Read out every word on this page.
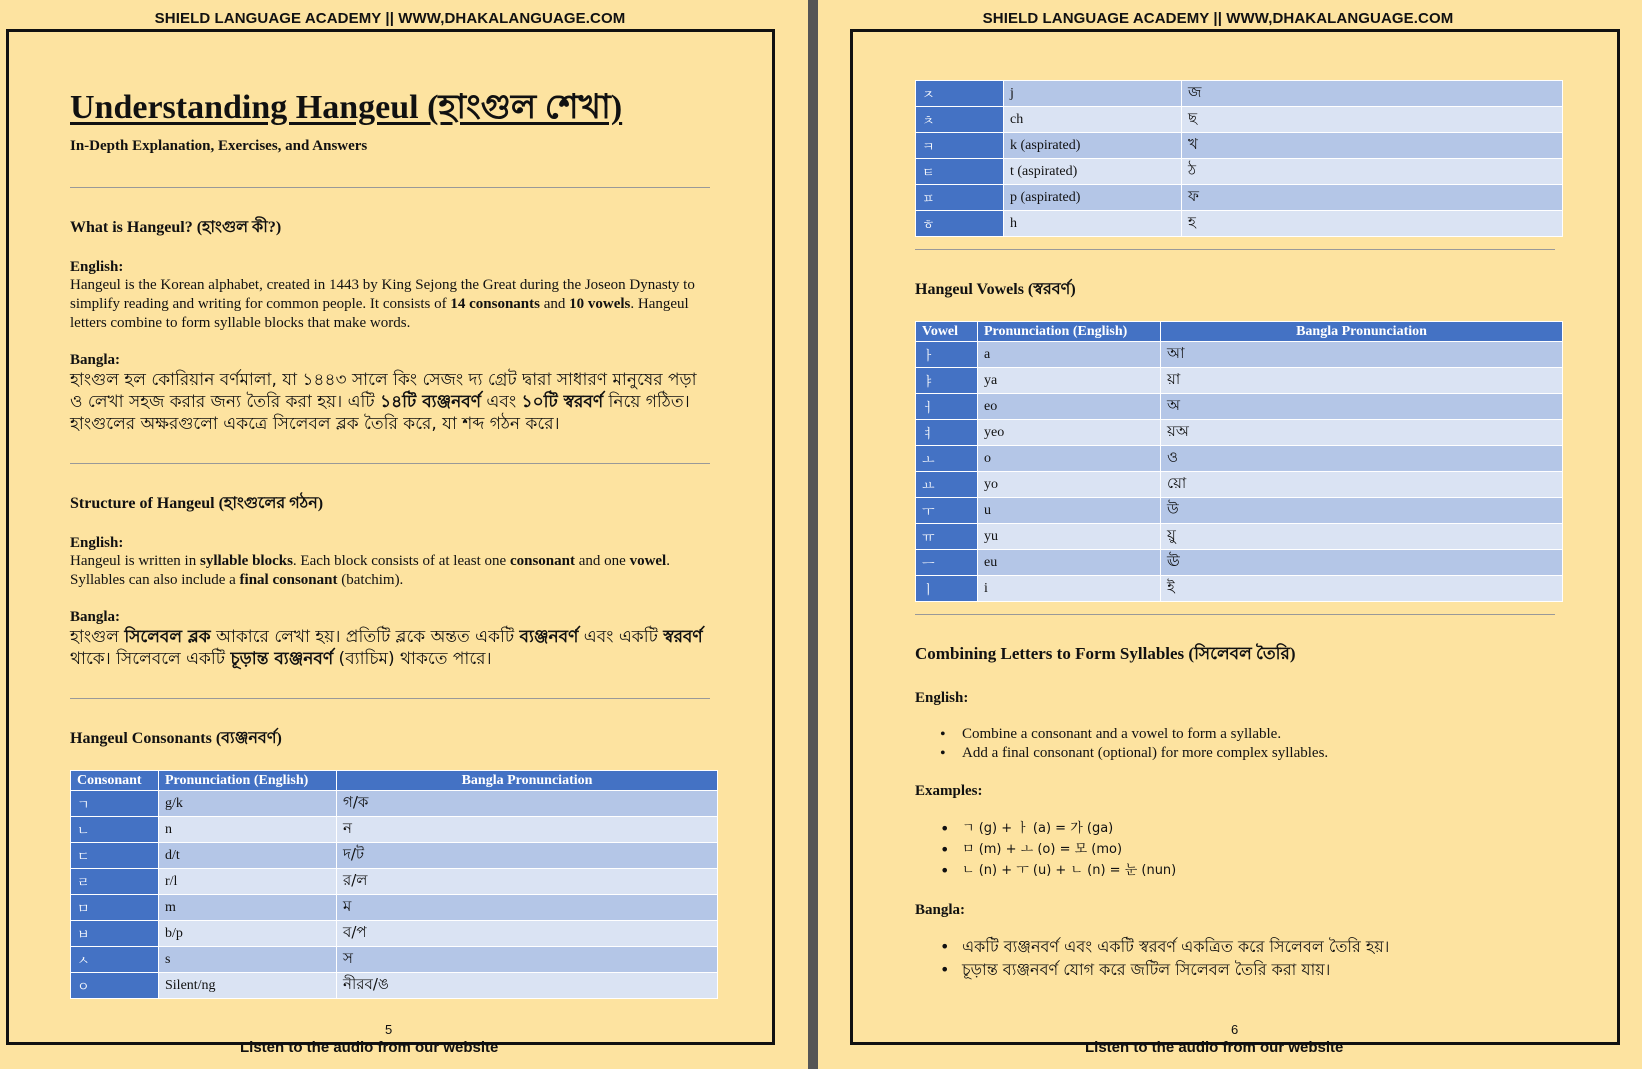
SHIELD LANGUAGE ACADEMY || WWW,DHAKALANGUAGE.COM
Understanding Hangeul (হাংগুল শেখা)
In-Depth Explanation, Exercises, and Answers
What is Hangeul? (হাংগুল কী?)
English:

Hangeul is the Korean alphabet, created in 1443 by King Sejong the Great during the Joseon Dynasty to simplify reading and writing for common people. It consists of 14 consonants and 10 vowels. Hangeul letters combine to form syllable blocks that make words.

Bangla:

হাংগুল হল কোরিয়ান বর্ণমালা, যা ১৪৪৩ সালে কিং সেজং দ্য গ্রেট দ্বারা সাধারণ মানুষের পড়া ও লেখা সহজ করার জন্য তৈরি করা হয়। এটি ১৪টি ব্যঞ্জনবর্ণ এবং ১০টি স্বরবর্ণ নিয়ে গঠিত। হাংগুলের অক্ষরগুলো একত্রে সিলেবল ব্লক তৈরি করে, যা শব্দ গঠন করে।

Structure of Hangeul (হাংগুলের গঠন)
English:

Hangeul is written in syllable blocks. Each block consists of at least one consonant and one vowel. Syllables can also include a final consonant (batchim).

Bangla:

হাংগুল সিলেবল ব্লক আকারে লেখা হয়। প্রতিটি ব্লকে অন্তত একটি ব্যঞ্জনবর্ণ এবং একটি স্বরবর্ণ থাকে। সিলেবলে একটি চূড়ান্ত ব্যঞ্জনবর্ণ (ব্যাচিম) থাকতে পারে।

Hangeul Consonants (ব্যঞ্জনবর্ণ)
Consonant	Pronunciation (English)	Bangla Pronunciation
ㄱ	g/k	গ/ক
ㄴ	n	ন
ㄷ	d/t	দ/ট
ㄹ	r/l	র/ল
ㅁ	m	ম
ㅂ	b/p	ব/প
ㅅ	s	স
ㅇ	Silent/ng	নীরব/ঙ
5
Listen to the audio from our website
SHIELD LANGUAGE ACADEMY || WWW,DHAKALANGUAGE.COM
ㅈ	j	জ
ㅊ	ch	ছ
ㅋ	k (aspirated)	খ
ㅌ	t (aspirated)	ঠ
ㅍ	p (aspirated)	ফ
ㅎ	h	হ
Hangeul Vowels (স্বরবর্ণ)
Vowel	Pronunciation (English)	Bangla Pronunciation
ㅏ	a	আ
ㅑ	ya	য়া
ㅓ	eo	অ
ㅕ	yeo	য়অ
ㅗ	o	ও
ㅛ	yo	য়ো
ㅜ	u	উ
ㅠ	yu	য়ু
ㅡ	eu	ঊ
ㅣ	i	ই
Combining Letters to Form Syllables (সিলেবল তৈরি)
English:
• Combine a consonant and a vowel to form a syllable.
• Add a final consonant (optional) for more complex syllables.
Examples:
• ㄱ (g) + ㅏ (a) = 가 (ga)
• ㅁ (m) + ㅗ (o) = 모 (mo)
• ㄴ (n) + ㅜ (u) + ㄴ (n) = 눈 (nun)
Bangla:
• একটি ব্যঞ্জনবর্ণ এবং একটি স্বরবর্ণ একত্রিত করে সিলেবল তৈরি হয়।
• চূড়ান্ত ব্যঞ্জনবর্ণ যোগ করে জটিল সিলেবল তৈরি করা যায়।
6
Listen to the audio from our website
